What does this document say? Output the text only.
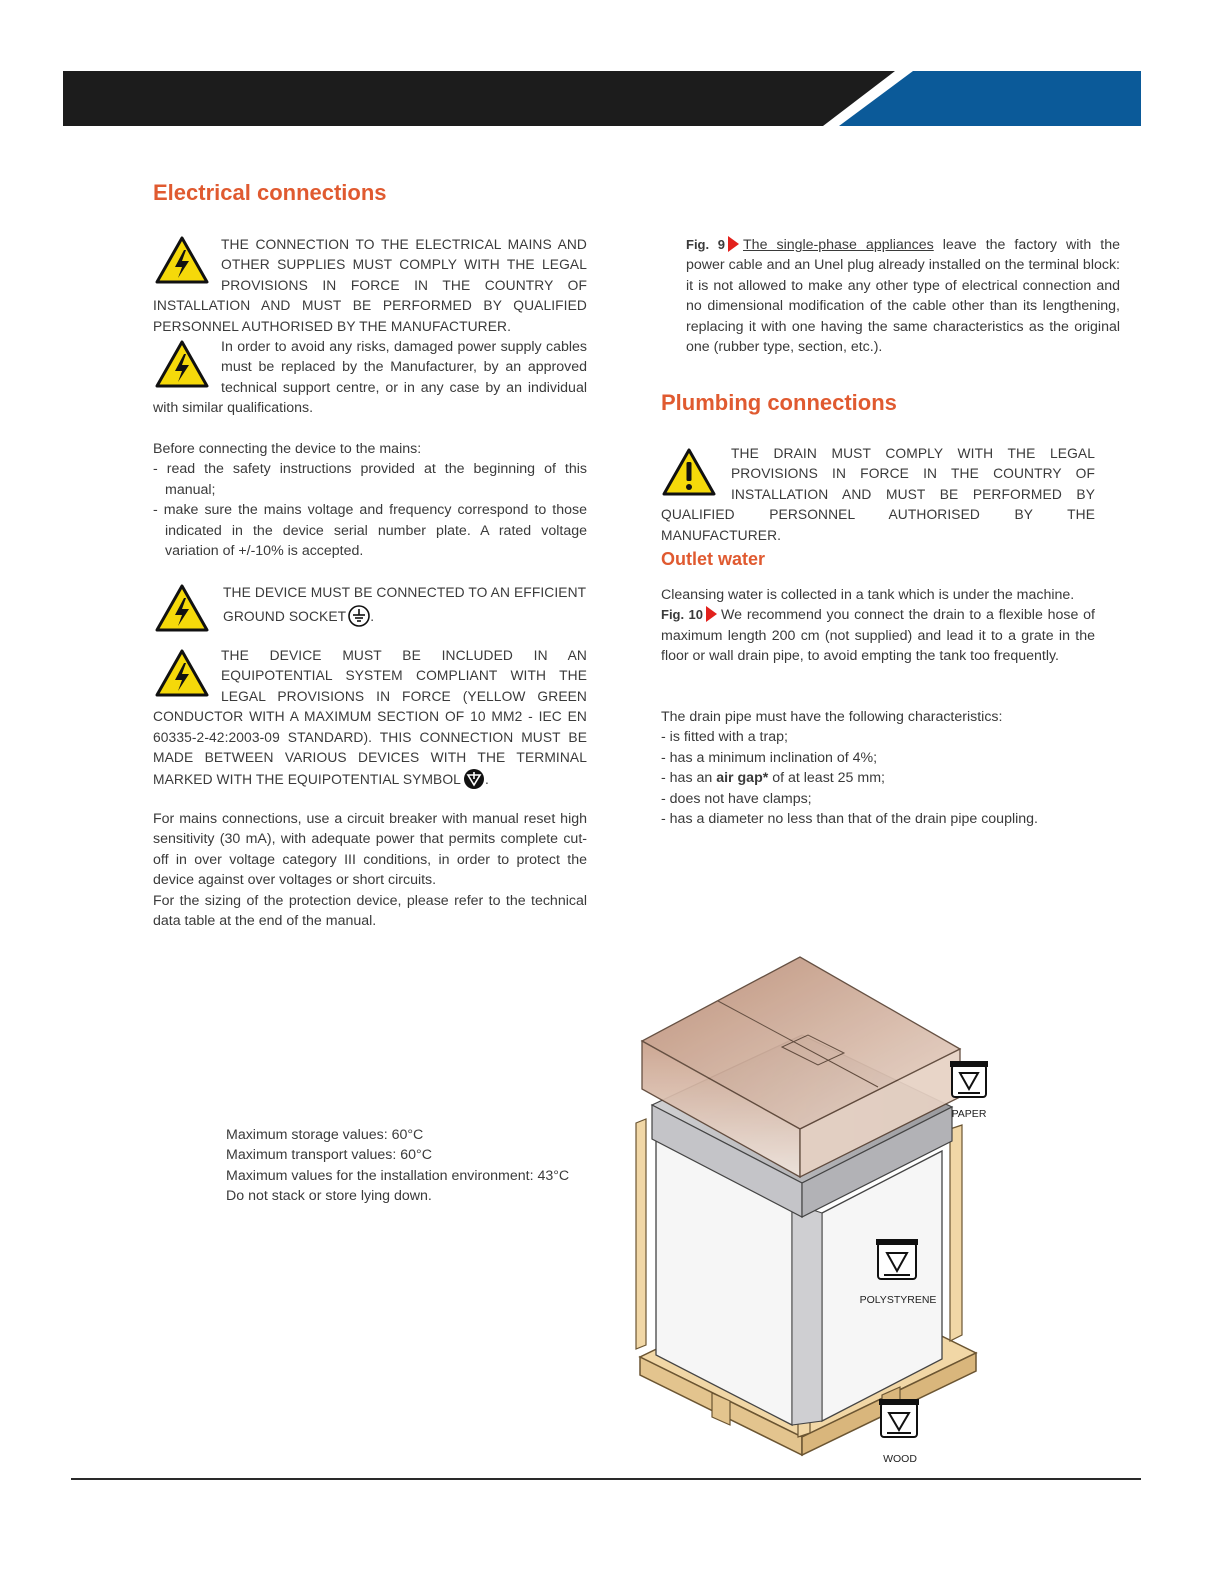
Electrical connections
THE CONNECTION TO THE ELECTRICAL MAINS AND OTHER SUPPLIES MUST COMPLY WITH THE LEGAL PROVISIONS IN FORCE IN THE COUNTRY OF INSTALLATION AND MUST BE PERFORMED BY QUALIFIED PERSONNEL AUTHORISED BY THE MANUFACTURER.
In order to avoid any risks, damaged power supply cables must be replaced by the Manufacturer, by an approved technical support centre, or in any case by an individual with similar qualifications.
Before connecting the device to the mains:
- read the safety instructions provided at the beginning of this manual;
- make sure the mains voltage and frequency correspond to those indicated in the device serial number plate. A rated voltage variation of +/-10% is accepted.
THE DEVICE MUST BE CONNECTED TO AN EFFICIENT GROUND SOCKET .
THE DEVICE MUST BE INCLUDED IN AN EQUIPOTENTIAL SYSTEM COMPLIANT WITH THE LEGAL PROVISIONS IN FORCE (YELLOW GREEN CONDUCTOR WITH A MAXIMUM SECTION OF 10 MM2 - IEC EN 60335-2-42:2003-09 STANDARD). THIS CONNECTION MUST BE MADE BETWEEN VARIOUS DEVICES WITH THE TERMINAL MARKED WITH THE EQUIPOTENTIAL SYMBOL .
For mains connections, use a circuit breaker with manual reset high sensitivity (30 mA), with adequate power that permits complete cut-off in over voltage category III conditions, in order to protect the device against over voltages or short circuits.
For the sizing of the protection device, please refer to the technical data table at the end of the manual.
Fig. 9 The single-phase appliances leave the factory with the power cable and an Unel plug already installed on the terminal block: it is not allowed to make any other type of electrical connection and no dimensional modification of the cable other than its lengthening, replacing it with one having the same characteristics as the original one (rubber type, section, etc.).
Plumbing connections
THE DRAIN MUST COMPLY WITH THE LEGAL PROVISIONS IN FORCE IN THE COUNTRY OF INSTALLATION AND MUST BE PERFORMED BY QUALIFIED PERSONNEL AUTHORISED BY THE MANUFACTURER.
Outlet water
Cleansing water is collected in a tank which is under the machine.
Fig. 10 We recommend you connect the drain to a flexible hose of maximum length 200 cm (not supplied) and lead it to a grate in the floor or wall drain pipe, to avoid empting the tank too frequently.
The drain pipe must have the following characteristics:
- is fitted with a trap;
- has a minimum inclination of 4%;
- has an air gap* of at least 25 mm;
- does not have clamps;
- has a diameter no less than that of the drain pipe coupling.
Maximum storage values: 60°C
Maximum transport values: 60°C
Maximum values for the installation environment: 43°C
Do not stack or store lying down.
PAPER
POLYSTYRENE
WOOD
